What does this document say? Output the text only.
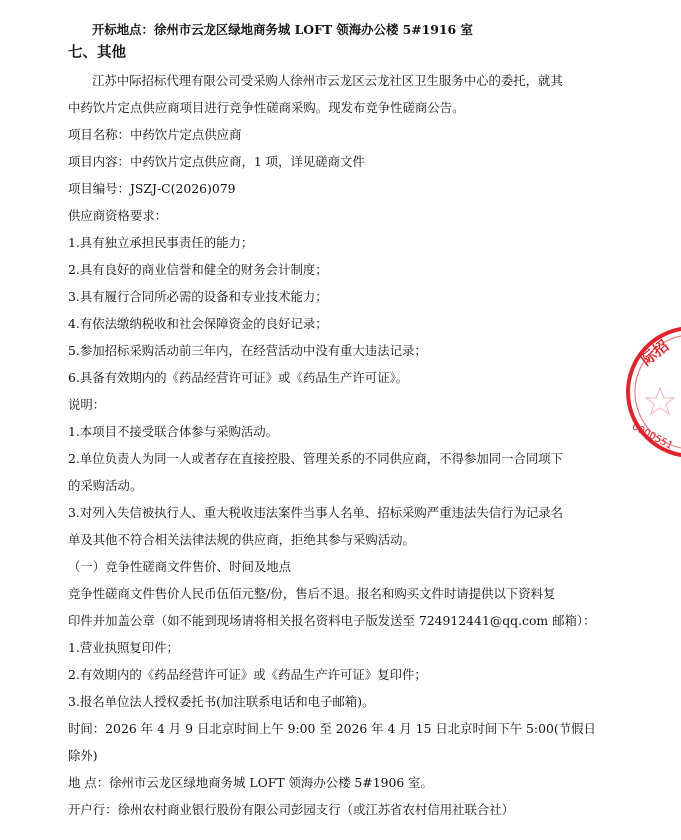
开标地点：徐州市云龙区绿地商务城 LOFT 领海办公楼 5#1916 室
七、其他
江苏中际招标代理有限公司受采购人徐州市云龙区云龙社区卫生服务中心的委托，就其
中药饮片定点供应商项目进行竞争性磋商采购。现发布竞争性磋商公告。
项目名称：中药饮片定点供应商
项目内容：中药饮片定点供应商，1 项，详见磋商文件
项目编号：JSZJ-C(2026)079
供应商资格要求：
1.具有独立承担民事责任的能力；
2.具有良好的商业信誉和健全的财务会计制度；
3.具有履行合同所必需的设备和专业技术能力；
4.有依法缴纳税收和社会保障资金的良好记录；
5.参加招标采购活动前三年内，在经营活动中没有重大违法记录；
6.具备有效期内的《药品经营许可证》或《药品生产许可证》。
说明：
1.本项目不接受联合体参与采购活动。
2.单位负责人为同一人或者存在直接控股、管理关系的不同供应商，不得参加同一合同项下
的采购活动。
3.对列入失信被执行人、重大税收违法案件当事人名单、招标采购严重违法失信行为记录名
单及其他不符合相关法律法规的供应商，拒绝其参与采购活动。
（一）竞争性磋商文件售价、时间及地点
竞争性磋商文件售价人民币伍佰元整/份，售后不退。报名和购买文件时请提供以下资料复
印件并加盖公章（如不能到现场请将相关报名资料电子版发送至 724912441@qq.com 邮箱）：
1.营业执照复印件；
2.有效期内的《药品经营许可证》或《药品生产许可证》复印件；
3.报名单位法人授权委托书(加注联系电话和电子邮箱)。
时间：2026 年 4 月 9 日北京时间上午 9:00 至 2026 年 4 月 15 日北京时间下午 5:00(节假日
除外)
地 点：徐州市云龙区绿地商务城 LOFT 领海办公楼 5#1906 室。
开户行：徐州农村商业银行股份有限公司彭园支行（或江苏省农村信用社联合社）
际招
0000551
